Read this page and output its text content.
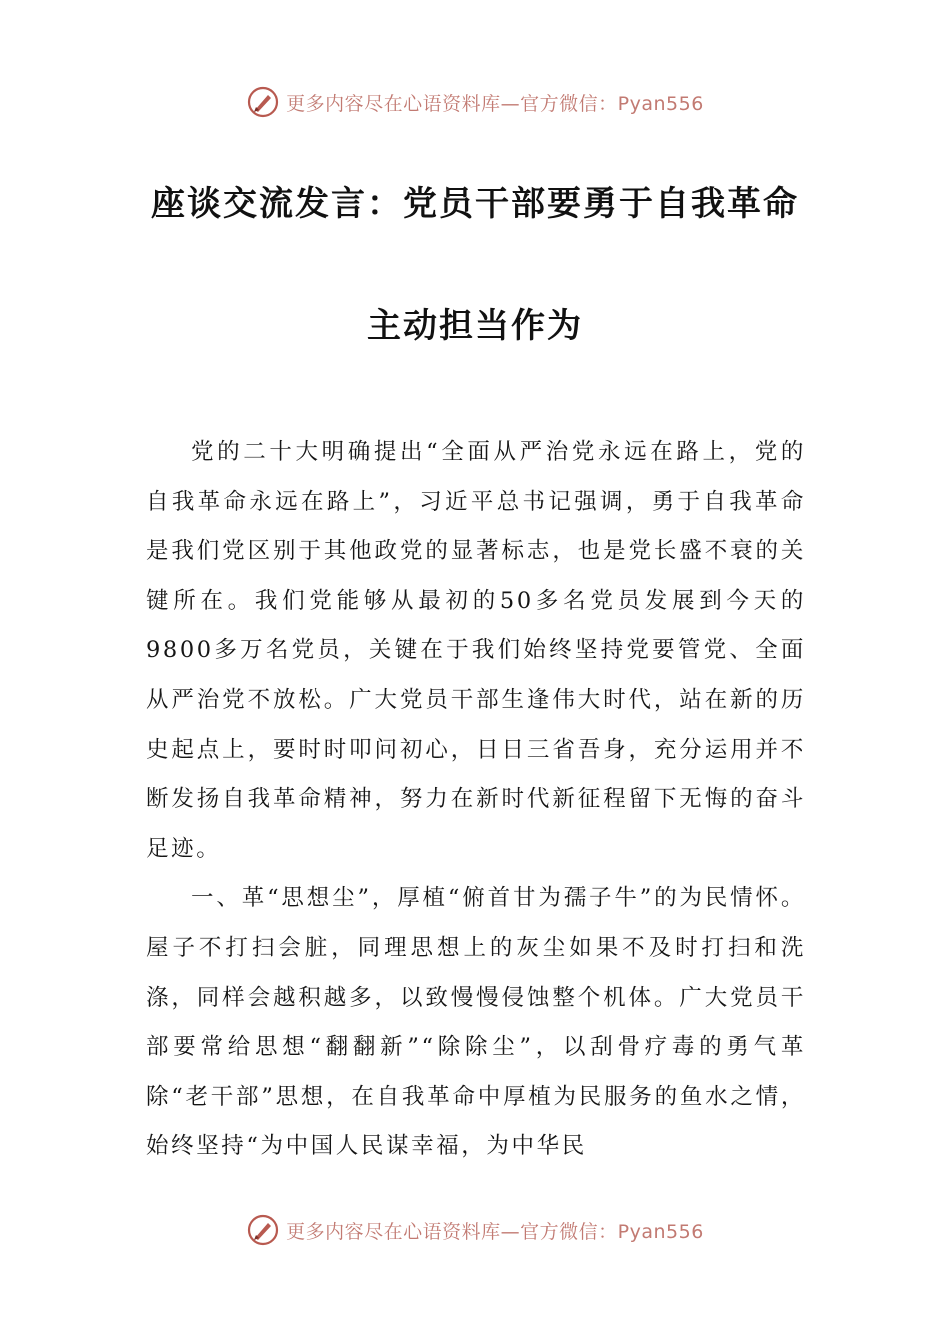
更多内容尽在心语资料库—官方微信：Pyan556
座谈交流发言：党员干部要勇于自我革命
主动担当作为

党的二十大明确提出“全面从严治党永远在路上，党的自我革命永远在路上”，习近平总书记强调，勇于自我革命是我们党区别于其他政党的显著标志，也是党长盛不衰的关键所在。我们党能够从最初的50多名党员发展到今天的9800多万名党员，关键在于我们始终坚持党要管党、全面从严治党不放松。广大党员干部生逢伟大时代，站在新的历史起点上，要时时叩问初心，日日三省吾身，充分运用并不断发扬自我革命精神，努力在新时代新征程留下无悔的奋斗足迹。

一、革“思想尘”，厚植“俯首甘为孺子牛”的为民情怀。屋子不打扫会脏，同理思想上的灰尘如果不及时打扫和洗涤，同样会越积越多，以致慢慢侵蚀整个机体。广大党员干部要常给思想“翻翻新”“除除尘”，以刮骨疗毒的勇气革除“老干部”思想，在自我革命中厚植为民服务的鱼水之情，始终坚持“为中国人民谋幸福，为中华民

更多内容尽在心语资料库—官方微信：Pyan556
